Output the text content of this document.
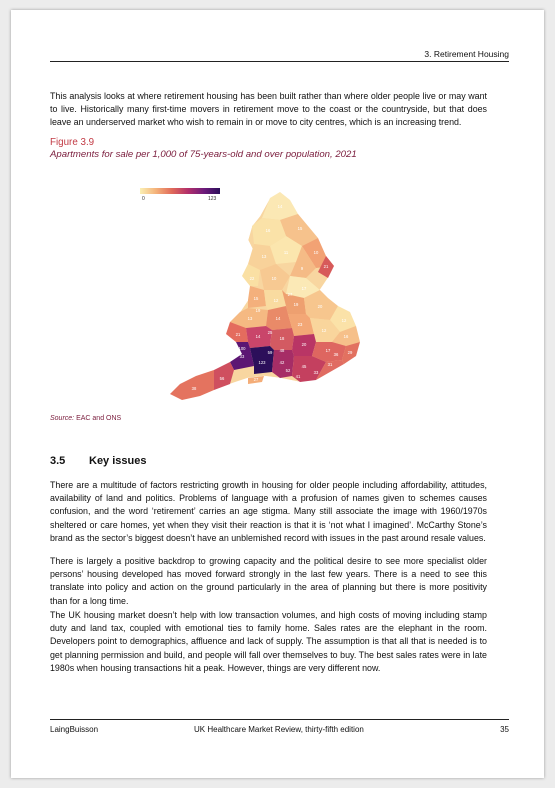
3. Retirement Housing

This analysis looks at where retirement housing has been built rather than where older people live or may want to live. Historically many first-time movers in retirement move to the coast or the countryside, but that does leave an underserved market who wish to remain in or move to city centres, which is an increasing trend.

Figure 3.9
Apartments for sale per 1,000 of 75-years-old and over population, 2021
14
15
16
10
13
21
11
9
22	10
17
15	12
19	20
12
13	14
23
12
16
21	14	18
20
17	29
33
123	42
45	31
56
38
27
100	48
25
19
33
41
52
59	36
27
0	123
Source: EAC and ONS
3.5 Key issues

There are a multitude of factors restricting growth in housing for older people including affordability, attitudes, availability of land and politics. Problems of language with a profusion of names given to schemes causes confusion, and the word ‘retirement’ carries an age stigma. Many still associate the image with 1960/1970s sheltered or care homes, yet when they visit their reaction is that it is ‘not what I imagined’. McCarthy Stone’s brand as the sector’s biggest doesn’t have an unblemished record with issues in the past around resale values.

There is largely a positive backdrop to growing capacity and the political desire to see more specialist older persons’ housing developed has moved forward strongly in the last few years. There is a need to see this translate into policy and action on the ground particularly in the area of planning but there is more positivity than for a long time.

The UK housing market doesn’t help with low transaction volumes, and high costs of moving including stamp duty and land tax, coupled with emotional ties to family home. Sales rates are the elephant in the room. Developers point to demographics, affluence and lack of supply. The assumption is that all that is needed is to get planning permission and build, and people will fall over themselves to buy. The best sales rates were in late 1980s when housing transactions hit a peak. However, things are very different now.

LaingBuisson	UK Healthcare Market Review, thirty-fifth edition	35
